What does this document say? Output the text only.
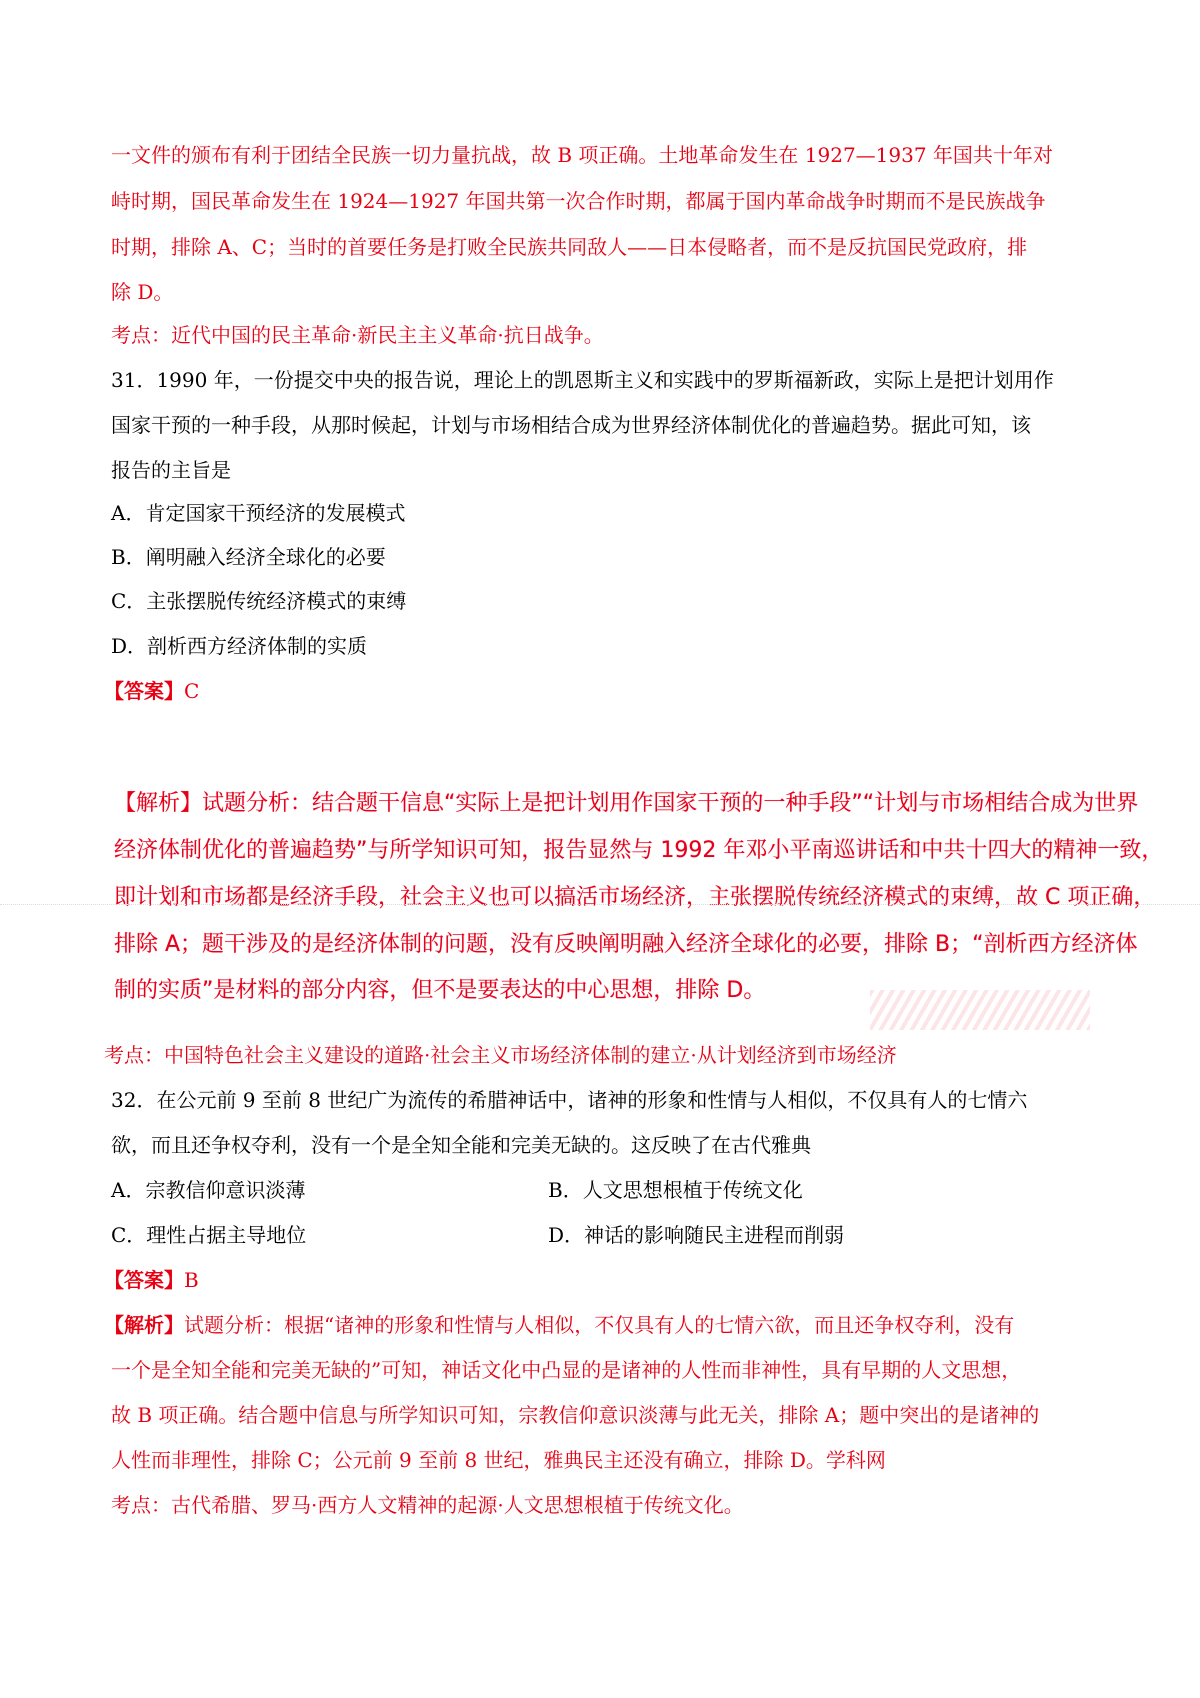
一文件的颁布有利于团结全民族一切力量抗战，故 B 项正确。土地革命发生在 1927—1937 年国共十年对
峙时期，国民革命发生在 1924—1927 年国共第一次合作时期，都属于国内革命战争时期而不是民族战争
时期，排除 A、C；当时的首要任务是打败全民族共同敌人——日本侵略者，而不是反抗国民党政府，排
除 D。
考点：近代中国的民主革命·新民主主义革命·抗日战争。
31．1990 年，一份提交中央的报告说，理论上的凯恩斯主义和实践中的罗斯福新政，实际上是把计划用作
国家干预的一种手段，从那时候起，计划与市场相结合成为世界经济体制优化的普遍趋势。据此可知，该
报告的主旨是
A．肯定国家干预经济的发展模式
B．阐明融入经济全球化的必要
C．主张摆脱传统经济模式的束缚
D．剖析西方经济体制的实质
【答案】C
【解析】试题分析：结合题干信息“实际上是把计划用作国家干预的一种手段”“计划与市场相结合成为世界
经济体制优化的普遍趋势”与所学知识可知，报告显然与 1992 年邓小平南巡讲话和中共十四大的精神一致，
即计划和市场都是经济手段，社会主义也可以搞活市场经济，主张摆脱传统经济模式的束缚，故 C 项正确，
排除 A；题干涉及的是经济体制的问题，没有反映阐明融入经济全球化的必要，排除 B；“剖析西方经济体
制的实质”是材料的部分内容，但不是要表达的中心思想，排除 D。
考点：中国特色社会主义建设的道路·社会主义市场经济体制的建立·从计划经济到市场经济
32．在公元前 9 至前 8 世纪广为流传的希腊神话中，诸神的形象和性情与人相似，不仅具有人的七情六
欲，而且还争权夺利，没有一个是全知全能和完美无缺的。这反映了在古代雅典
A．宗教信仰意识淡薄	B．人文思想根植于传统文化
C．理性占据主导地位	D．神话的影响随民主进程而削弱
【答案】B
【解析】试题分析：根据“诸神的形象和性情与人相似，不仅具有人的七情六欲，而且还争权夺利，没有
一个是全知全能和完美无缺的”可知，神话文化中凸显的是诸神的人性而非神性，具有早期的人文思想，
故 B 项正确。结合题中信息与所学知识可知，宗教信仰意识淡薄与此无关，排除 A；题中突出的是诸神的
人性而非理性，排除 C；公元前 9 至前 8 世纪，雅典民主还没有确立，排除 D。学科网
考点：古代希腊、罗马·西方人文精神的起源·人文思想根植于传统文化。
